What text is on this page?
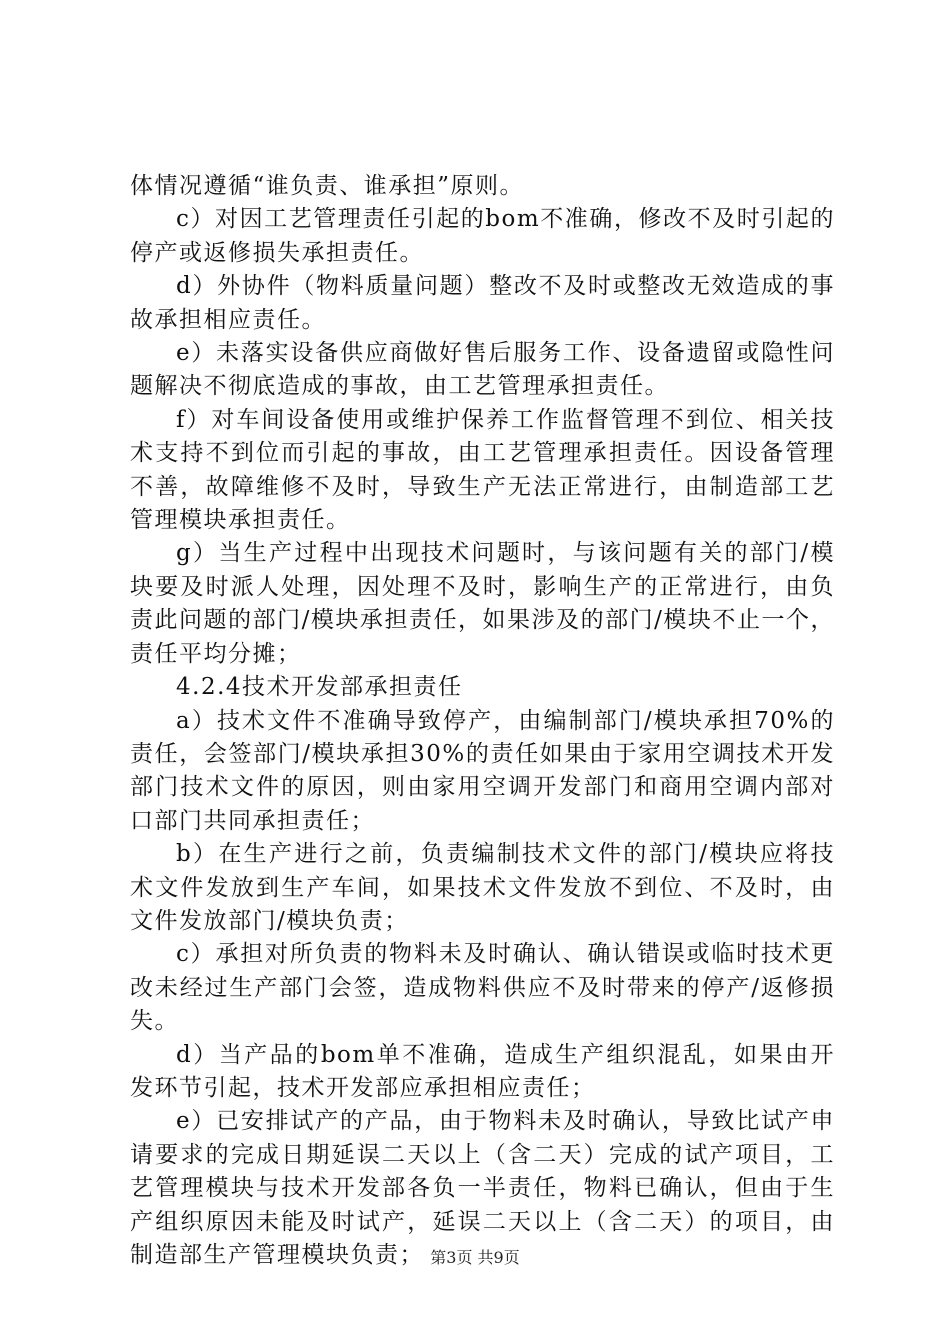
体情况遵循“谁负责、谁承担”原则。

c）对因工艺管理责任引起的bom不准确，修改不及时引起的停产或返修损失承担责任。

d）外协件（物料质量问题）整改不及时或整改无效造成的事故承担相应责任。

e）未落实设备供应商做好售后服务工作、设备遗留或隐性问题解决不彻底造成的事故，由工艺管理承担责任。

f）对车间设备使用或维护保养工作监督管理不到位、相关技术支持不到位而引起的事故，由工艺管理承担责任。因设备管理不善，故障维修不及时，导致生产无法正常进行，由制造部工艺管理模块承担责任。

g）当生产过程中出现技术问题时，与该问题有关的部门/模块要及时派人处理，因处理不及时，影响生产的正常进行，由负责此问题的部门/模块承担责任，如果涉及的部门/模块不止一个，责任平均分摊；

4.2.4技术开发部承担责任

a）技术文件不准确导致停产，由编制部门/模块承担70%的责任，会签部门/模块承担30%的责任如果由于家用空调技术开发部门技术文件的原因，则由家用空调开发部门和商用空调内部对口部门共同承担责任；

b）在生产进行之前，负责编制技术文件的部门/模块应将技术文件发放到生产车间，如果技术文件发放不到位、不及时，由文件发放部门/模块负责；

c）承担对所负责的物料未及时确认、确认错误或临时技术更改未经过生产部门会签，造成物料供应不及时带来的停产/返修损失。

d）当产品的bom单不准确，造成生产组织混乱，如果由开发环节引起，技术开发部应承担相应责任；

e）已安排试产的产品，由于物料未及时确认，导致比试产申请要求的完成日期延误二天以上（含二天）完成的试产项目，工艺管理模块与技术开发部各负一半责任，物料已确认，但由于生产组织原因未能及时试产，延误二天以上（含二天）的项目，由制造部生产管理模块负责； 第3页 共9页
